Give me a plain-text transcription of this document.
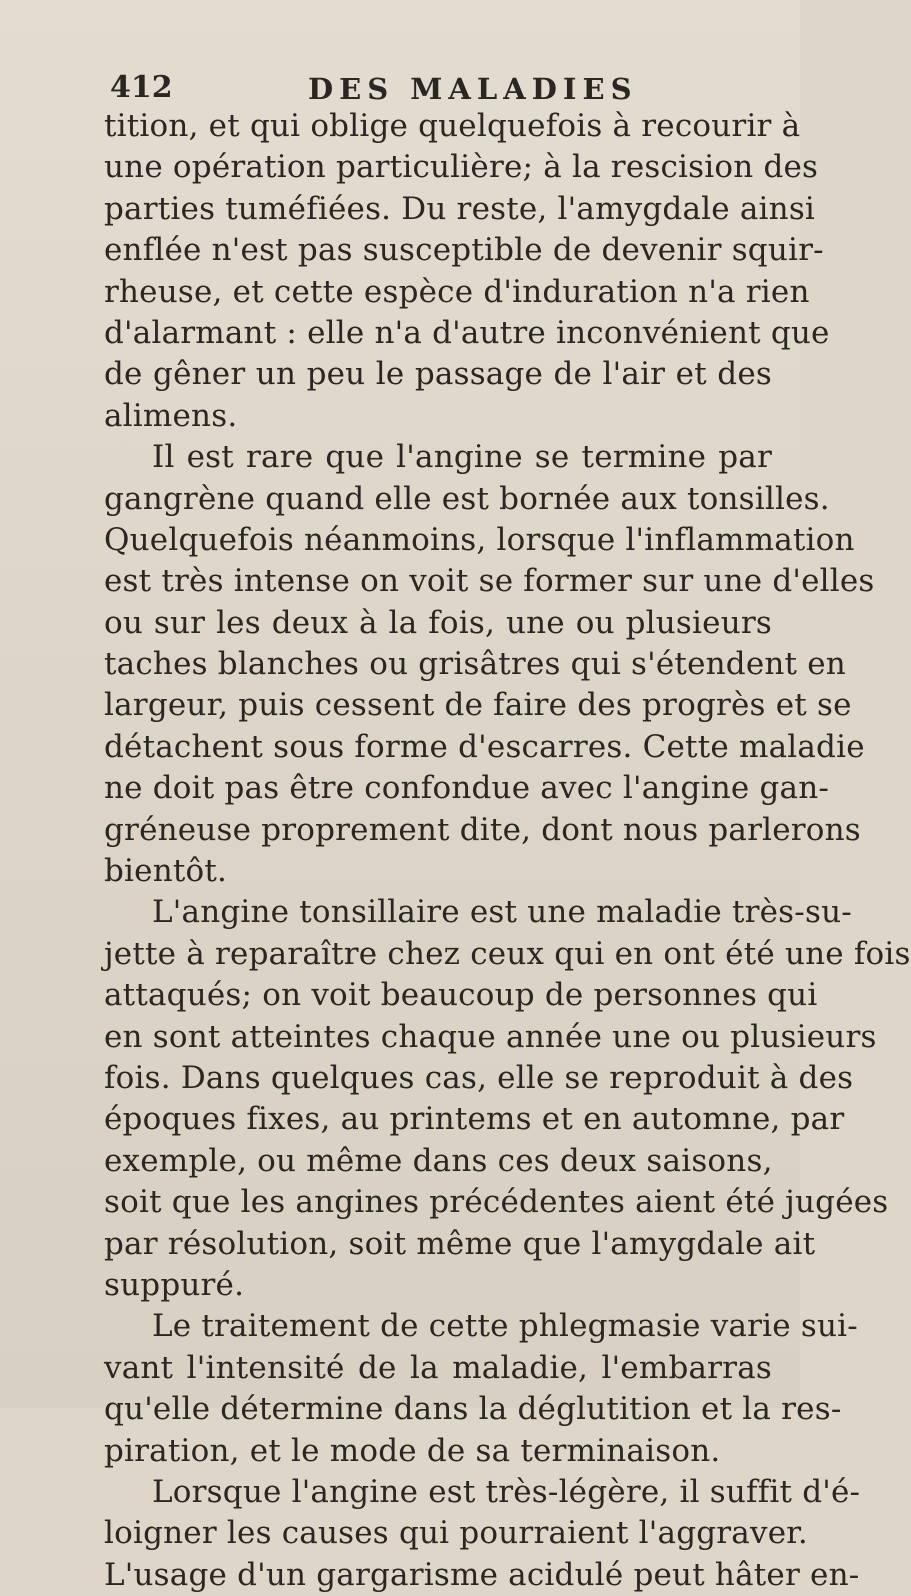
412	DES MALADIES
tition, et qui oblige quelquefois à recourir à
une opération particulière; à la rescision des
parties tuméfiées. Du reste, l'amygdale ainsi
enflée n'est pas susceptible de devenir squir-
rheuse, et cette espèce d'induration n'a rien
d'alarmant : elle n'a d'autre inconvénient que
de gêner un peu le passage de l'air et des
alimens.
Il est rare que l'angine se termine par
gangrène quand elle est bornée aux tonsilles.
Quelquefois néanmoins, lorsque l'inflammation
est très intense on voit se former sur une d'elles
ou sur les deux à la fois, une ou plusieurs
taches blanches ou grisâtres qui s'étendent en
largeur, puis cessent de faire des progrès et se
détachent sous forme d'escarres. Cette maladie
ne doit pas être confondue avec l'angine gan-
gréneuse proprement dite, dont nous parlerons
bientôt.
L'angine tonsillaire est une maladie très-su-
jette à reparaître chez ceux qui en ont été une fois
attaqués; on voit beaucoup de personnes qui
en sont atteintes chaque année une ou plusieurs
fois. Dans quelques cas, elle se reproduit à des
époques fixes, au printems et en automne, par
exemple, ou même dans ces deux saisons,
soit que les angines précédentes aient été jugées
par résolution, soit même que l'amygdale ait
suppuré.
Le traitement de cette phlegmasie varie sui-
vant l'intensité de la maladie, l'embarras
qu'elle détermine dans la déglutition et la res-
piration, et le mode de sa terminaison.
Lorsque l'angine est très-légère, il suffit d'é-
loigner les causes qui pourraient l'aggraver.
L'usage d'un gargarisme acidulé peut hâter en-
